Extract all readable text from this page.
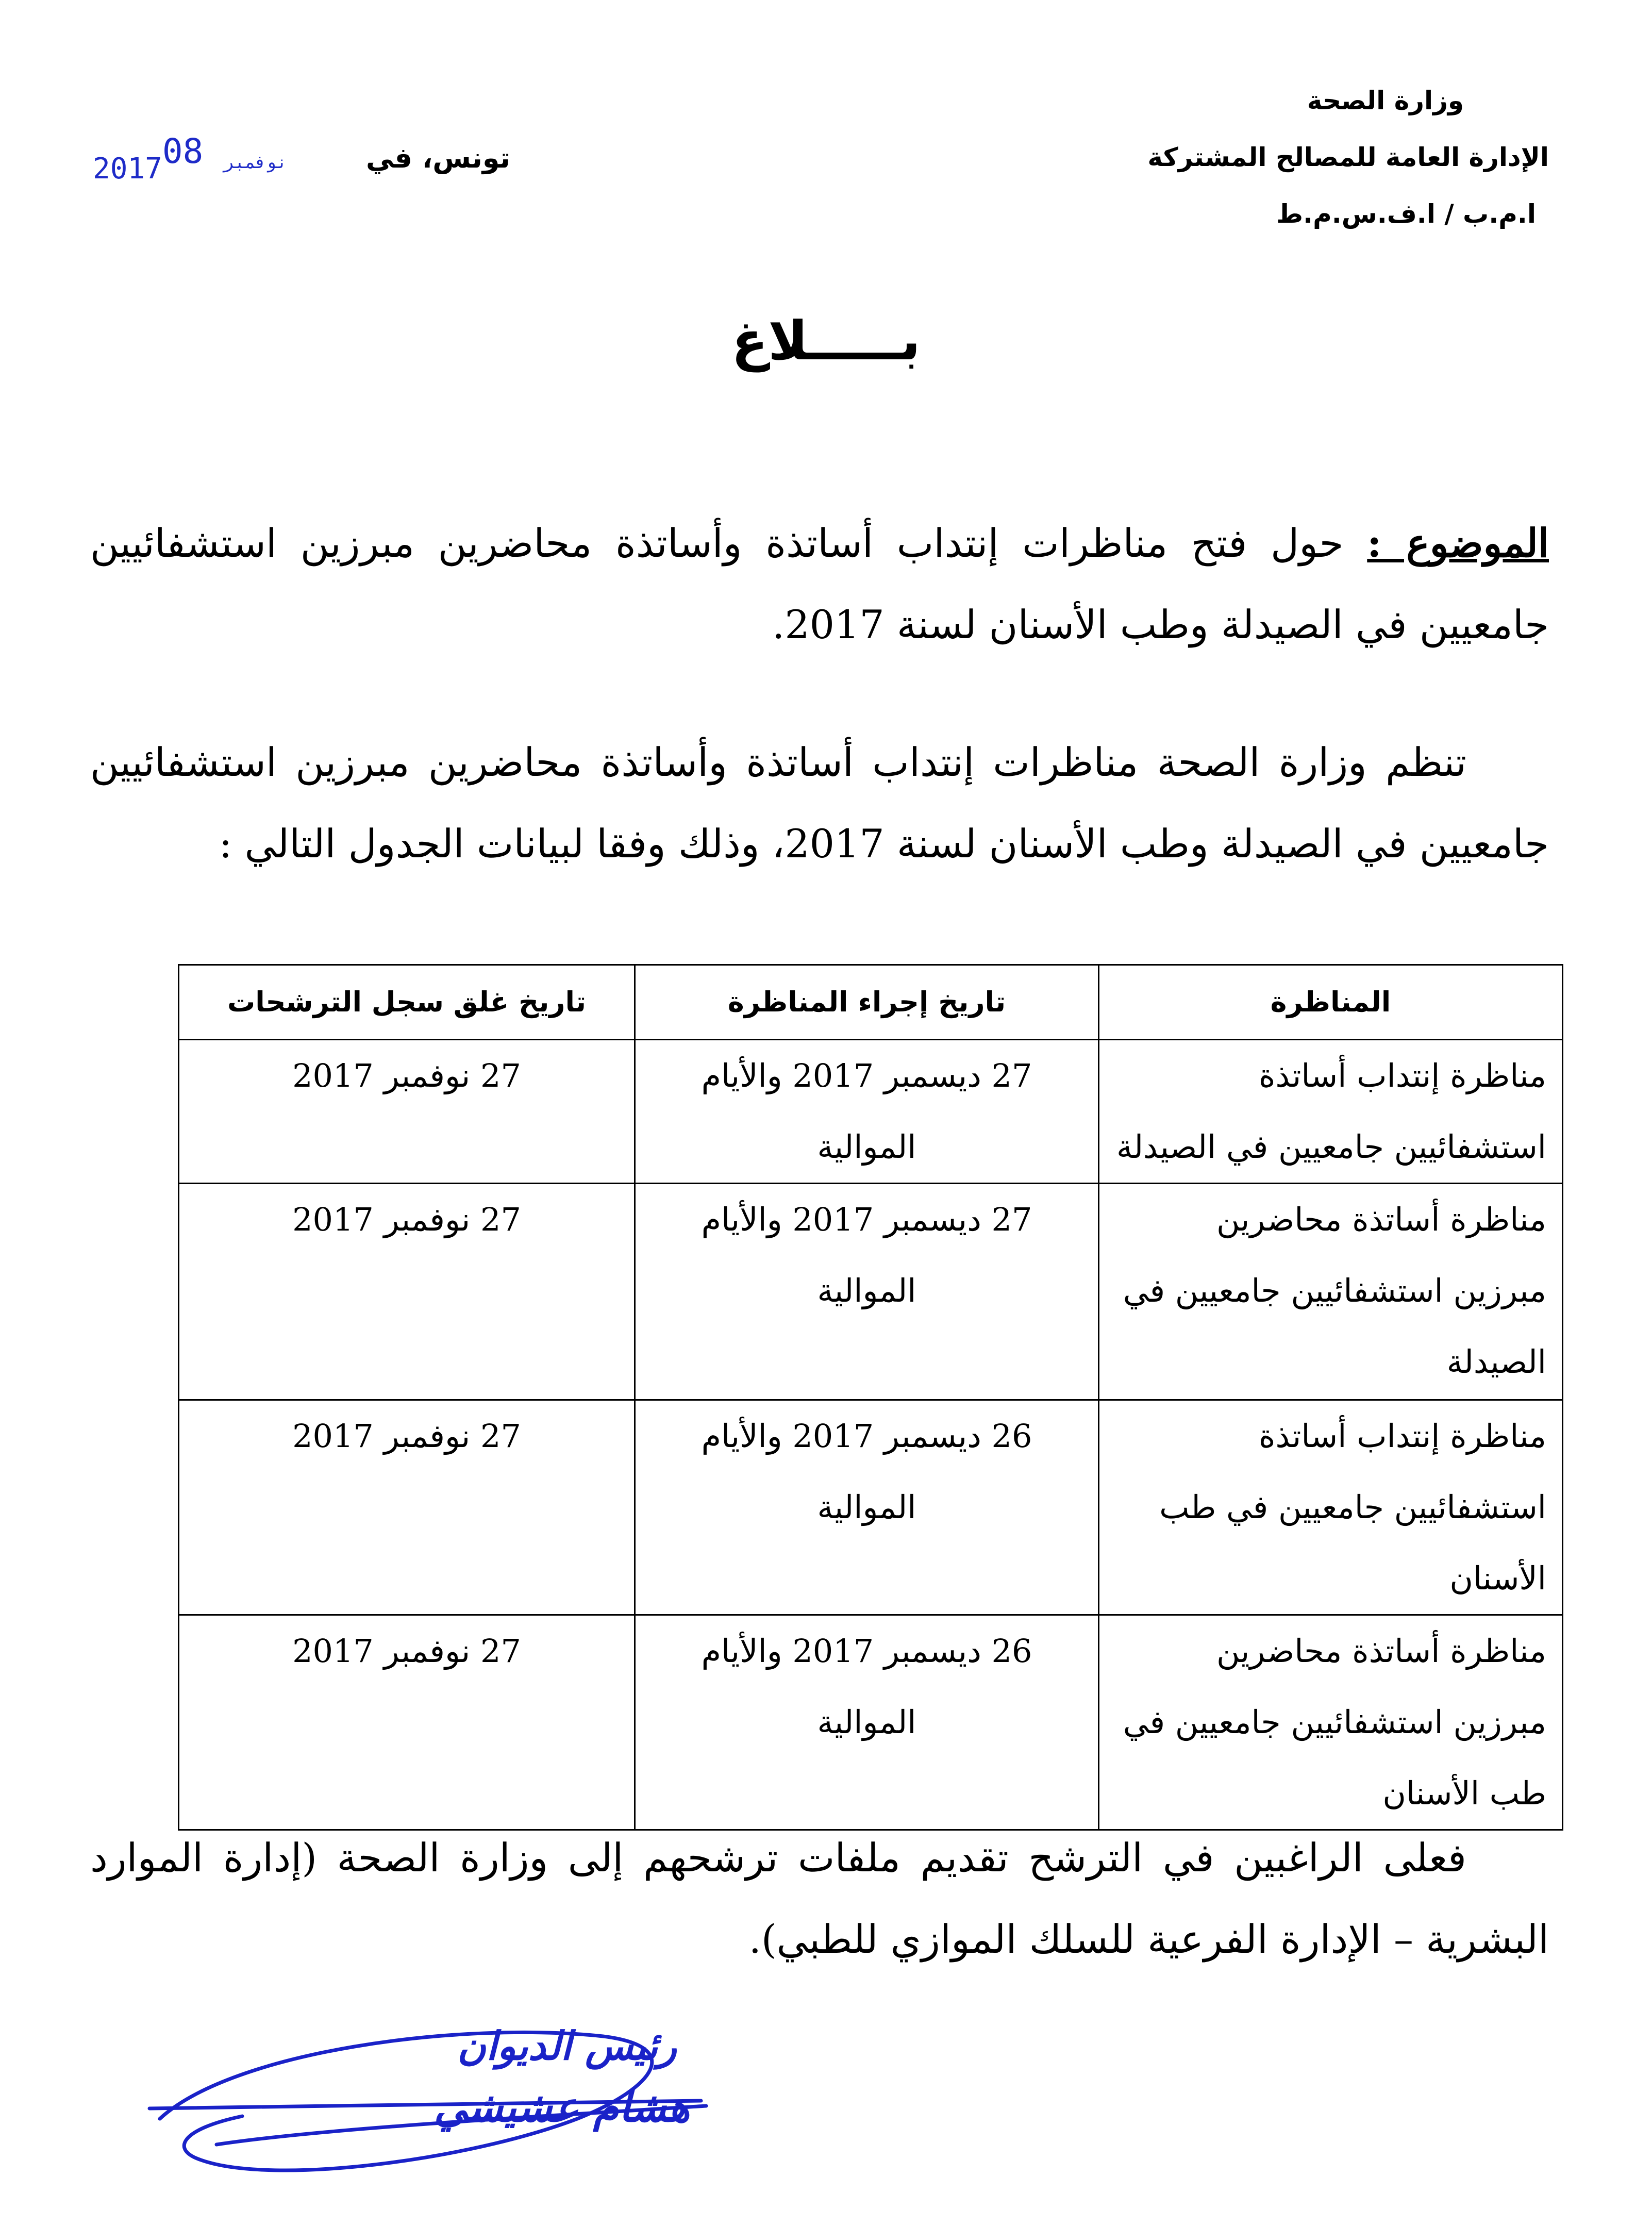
وزارة الصحة
الإدارة العامة للمصالح المشتركة
ا.م.ب / ا.ف.س.م.ط
تونس، في
2017	نوفمبر08
بـــــلاغ
الموضوع : حول فتح مناظرات إنتداب أساتذة وأساتذة محاضرين مبرزين استشفائيين جامعيين في الصيدلة وطب الأسنان لسنة 2017.
تنظم وزارة الصحة مناظرات إنتداب أساتذة وأساتذة محاضرين مبرزين استشفائيين جامعيين في الصيدلة وطب الأسنان لسنة 2017، وذلك وفقا لبيانات الجدول التالي :
المناظرة	تاريخ إجراء المناظرة	تاريخ غلق سجل الترشحات
مناظرة إنتداب أساتذة استشفائيين جامعيين في الصيدلة	27 ديسمبر 2017 والأيام الموالية	27 نوفمبر 2017
مناظرة أساتذة محاضرين مبرزين استشفائيين جامعيين في الصيدلة	27 ديسمبر 2017 والأيام الموالية	27 نوفمبر 2017
مناظرة إنتداب أساتذة استشفائيين جامعيين في طب الأسنان	26 ديسمبر 2017 والأيام الموالية	27 نوفمبر 2017
مناظرة أساتذة محاضرين مبرزين استشفائيين جامعيين في طب الأسنان	26 ديسمبر 2017 والأيام الموالية	27 نوفمبر 2017
فعلى الراغبين في الترشح تقديم ملفات ترشحهم إلى وزارة الصحة (إدارة الموارد البشرية – الإدارة الفرعية للسلك الموازي للطبي).
رئيس الديوان
هشام عشيشي
